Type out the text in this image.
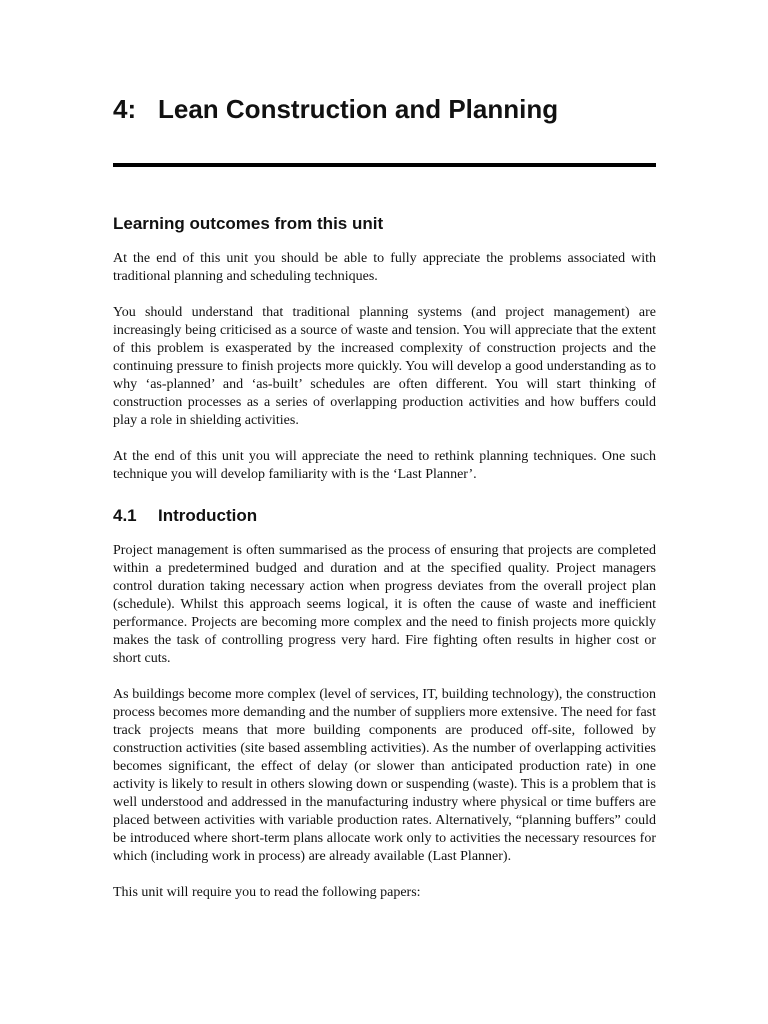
4: Lean Construction and Planning
Learning outcomes from this unit

At the end of this unit you should be able to fully appreciate the problems associated with traditional planning and scheduling techniques.

You should understand that traditional planning systems (and project management) are increasingly being criticised as a source of waste and tension. You will appreciate that the extent of this problem is exasperated by the increased complexity of construction projects and the continuing pressure to finish projects more quickly. You will develop a good understanding as to why ‘as-planned’ and ‘as-built’ schedules are often different. You will start thinking of construction processes as a series of overlapping production activities and how buffers could play a role in shielding activities.

At the end of this unit you will appreciate the need to rethink planning techniques. One such technique you will develop familiarity with is the ‘Last Planner’.

4.1 Introduction

Project management is often summarised as the process of ensuring that projects are completed within a predetermined budged and duration and at the specified quality. Project managers control duration taking necessary action when progress deviates from the overall project plan (schedule). Whilst this approach seems logical, it is often the cause of waste and inefficient performance. Projects are becoming more complex and the need to finish projects more quickly makes the task of controlling progress very hard. Fire fighting often results in higher cost or short cuts.

As buildings become more complex (level of services, IT, building technology), the construction process becomes more demanding and the number of suppliers more extensive. The need for fast track projects means that more building components are produced off-site, followed by construction activities (site based assembling activities). As the number of overlapping activities becomes significant, the effect of delay (or slower than anticipated production rate) in one activity is likely to result in others slowing down or suspending (waste). This is a problem that is well understood and addressed in the manufacturing industry where physical or time buffers are placed between activities with variable production rates. Alternatively, “planning buffers” could be introduced where short-term plans allocate work only to activities the necessary resources for which (including work in process) are already available (Last Planner).

This unit will require you to read the following papers:
